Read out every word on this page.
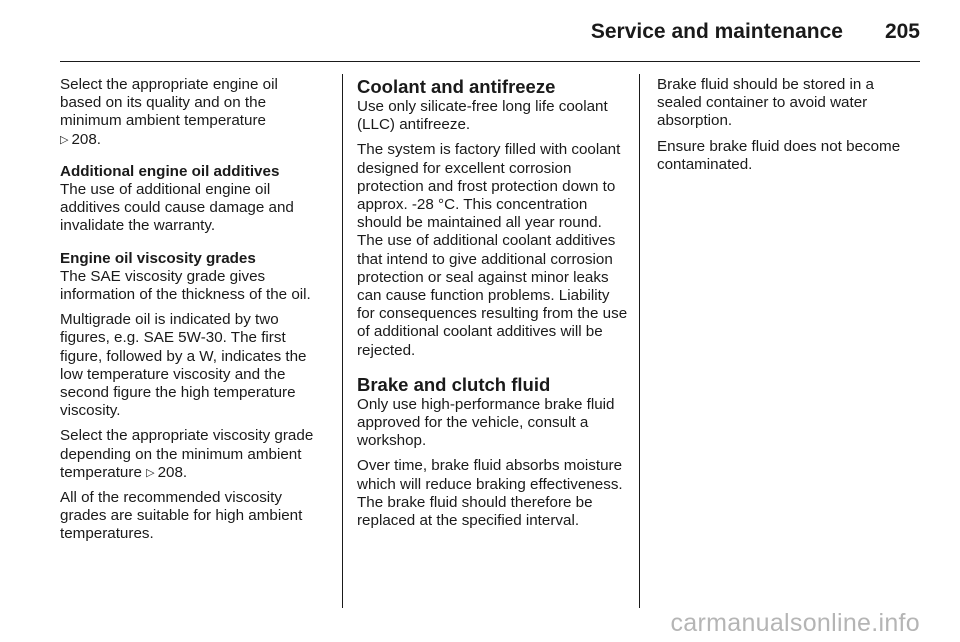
Service and maintenance 205

Select the appropriate engine oil
based on its quality and on the
minimum ambient temperature
▷ 208.

Additional engine oil additives

The use of additional engine oil additives could cause damage and invalidate the warranty.

Engine oil viscosity grades

The SAE viscosity grade gives information of the thickness of the oil.

Multigrade oil is indicated by two figures, e.g. SAE 5W-30. The first figure, followed by a W, indicates the low temperature viscosity and the second figure the high temperature viscosity.

Select the appropriate viscosity grade depending on the minimum ambient temperature ▷ 208.

All of the recommended viscosity grades are suitable for high ambient temperatures.

Coolant and antifreeze

Use only silicate-free long life coolant (LLC) antifreeze.

The system is factory filled with coolant designed for excellent corrosion protection and frost protection down to approx. -28 °C. This concentration should be maintained all year round. The use of additional coolant additives that intend to give additional corrosion protection or seal against minor leaks can cause function problems. Liability for consequences resulting from the use of additional coolant additives will be rejected.

Brake and clutch fluid

Only use high-performance brake fluid approved for the vehicle, consult a workshop.

Over time, brake fluid absorbs moisture which will reduce braking effectiveness. The brake fluid should therefore be replaced at the specified interval.

Brake fluid should be stored in a sealed container to avoid water absorption.

Ensure brake fluid does not become contaminated.

carmanualsonline.info
